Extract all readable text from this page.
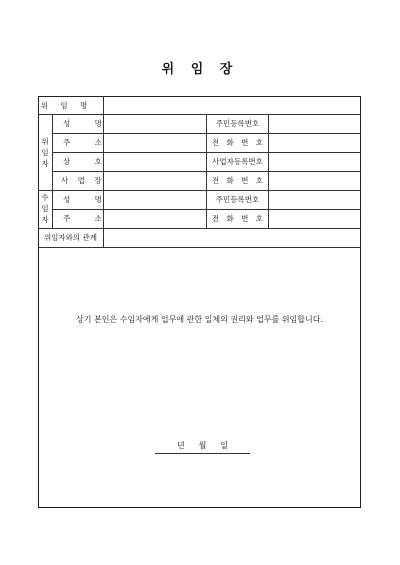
위 임 장
위 임 명
위임자
성 명	주민등록번호
주 소	전 화 번 호
상 호	사업자등록번호
사 업 장	전 화 번 호
수임자
성 명	주민등록번호
주 소	전 화 번 호
위임자와의 관계
상기 본인은 수임자에게 업무에 관한 일체의 권리와 업무를 위임합니다.
년 월 일
